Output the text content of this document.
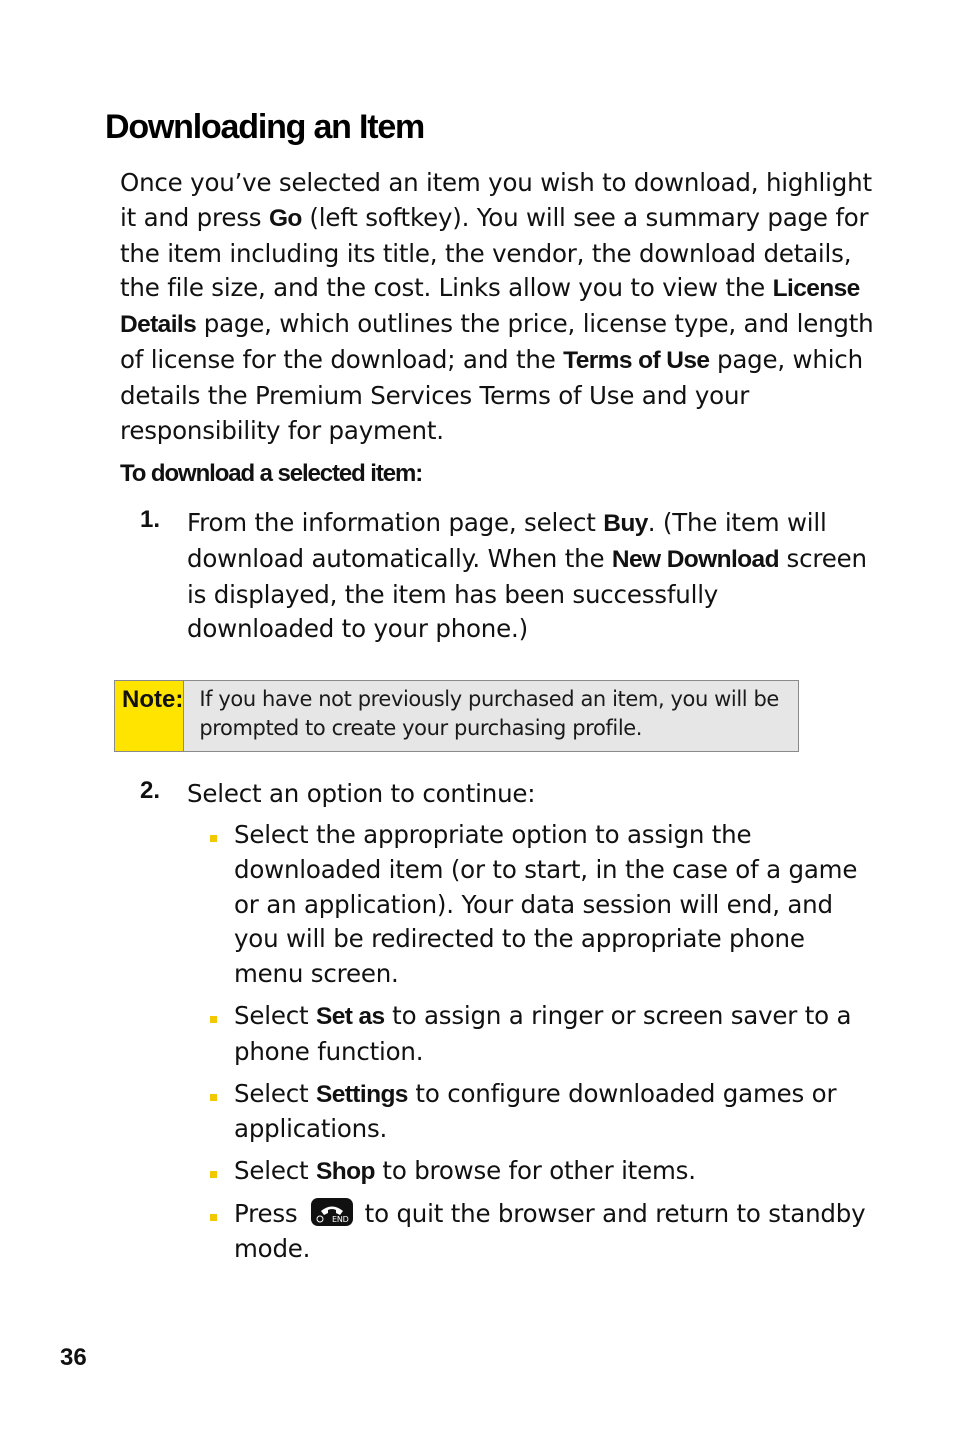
Downloading an Item

Once you’ve selected an item you wish to download, highlight it and press Go (left softkey). You will see a summary page for the item including its title, the vendor, the download details, the file size, and the cost. Links allow you to view the License Details page, which outlines the price, license type, and length of license for the download; and the Terms of Use page, which details the Premium Services Terms of Use and your responsibility for payment.

To download a selected item:
1. From the information page, select Buy. (The item will download automatically. When the New Download screen is displayed, the item has been successfully downloaded to your phone.)
Note: If you have not previously purchased an item, you will be prompted to create your purchasing profile.
2. Select an option to continue:
Select the appropriate option to assign the downloaded item (or to start, in the case of a game or an application). Your data session will end, and you will be redirected to the appropriate phone menu screen.
Select Set as to assign a ringer or screen saver to a phone function.
Select Settings to configure downloaded games or applications.
Select Shop to browse for other items.
Press	END to quit the browser and return to standby mode.
36
